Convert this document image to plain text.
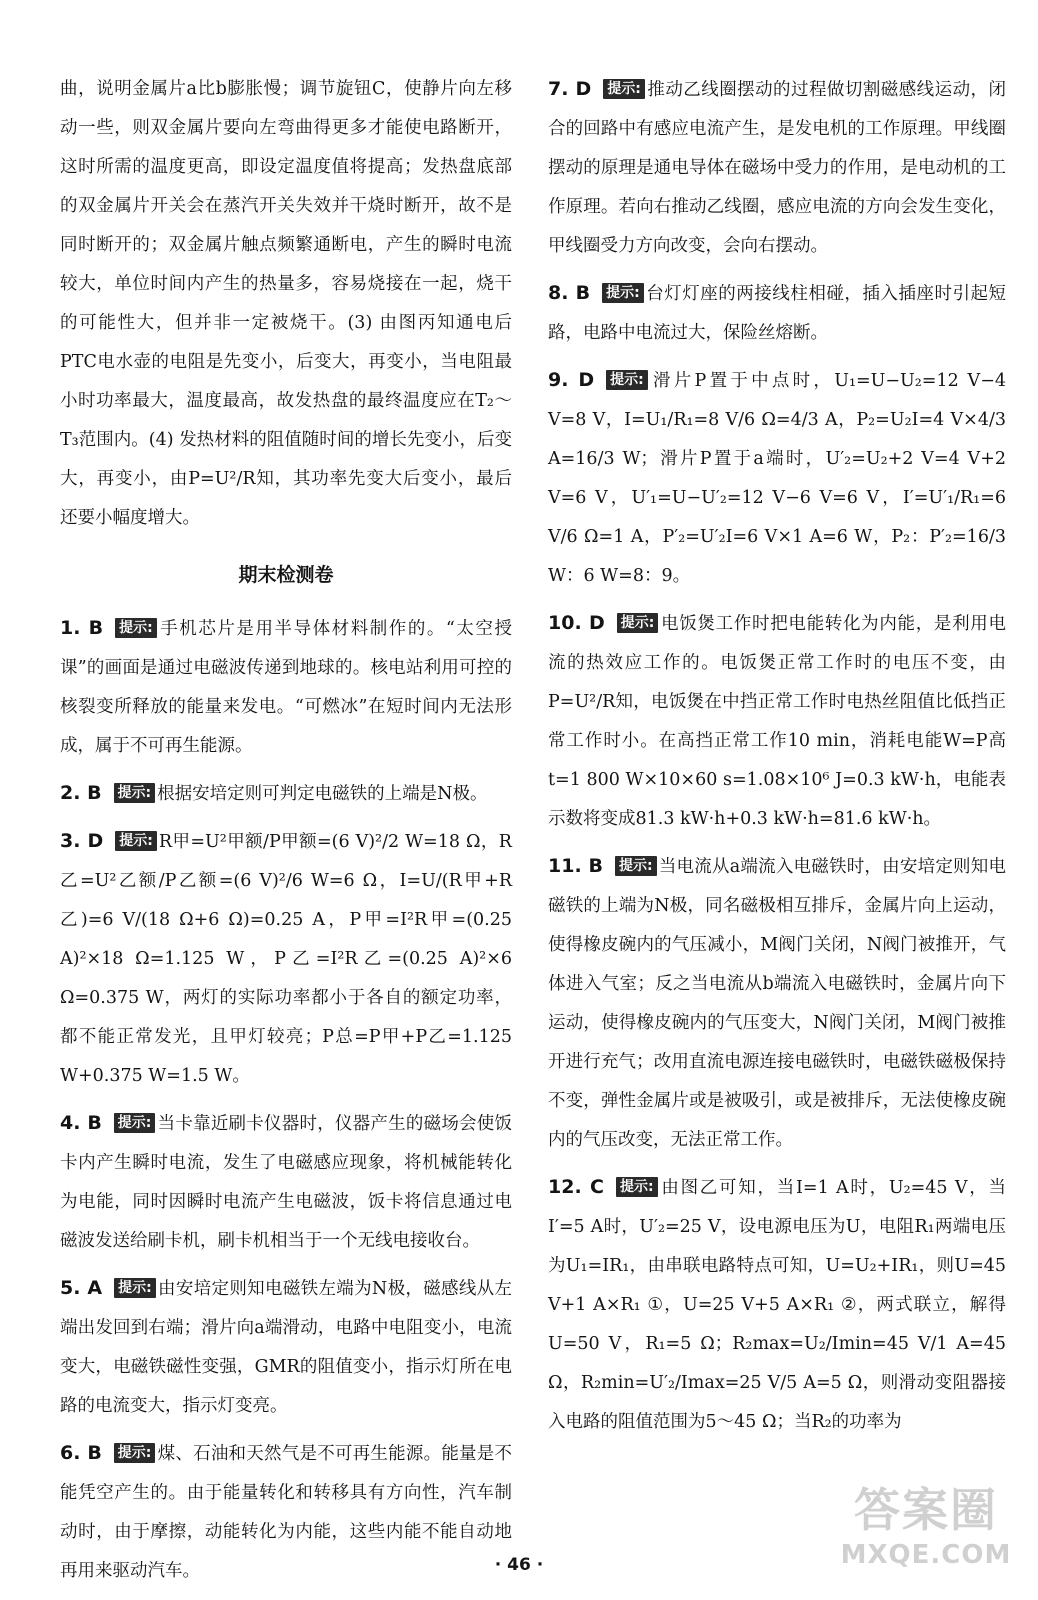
曲，说明金属片a比b膨胀慢；调节旋钮C，使静片向左移动一些，则双金属片要向左弯曲得更多才能使电路断开，这时所需的温度更高，即设定温度值将提高；发热盘底部的双金属片开关会在蒸汽开关失效并干烧时断开，故不是同时断开的；双金属片触点频繁通断电，产生的瞬时电流较大，单位时间内产生的热量多，容易烧接在一起，烧干的可能性大，但并非一定被烧干。(3) 由图丙知通电后PTC电水壶的电阻是先变小，后变大，再变小，当电阻最小时功率最大，温度最高，故发热盘的最终温度应在T₂～T₃范围内。(4) 发热材料的阻值随时间的增长先变小，后变大，再变小，由P=U²/R知，其功率先变大后变小，最后还要小幅度增大。

期末检测卷

1. B 提示: 手机芯片是用半导体材料制作的。“太空授课”的画面是通过电磁波传递到地球的。核电站利用可控的核裂变所释放的能量来发电。“可燃冰”在短时间内无法形成，属于不可再生能源。

2. B 提示: 根据安培定则可判定电磁铁的上端是N极。

3. D 提示: R甲=U²甲额/P甲额=(6 V)²/2 W=18 Ω，R乙=U²乙额/P乙额=(6 V)²/6 W=6 Ω，I=U/(R甲+R乙)=6 V/(18 Ω+6 Ω)=0.25 A，P甲=I²R甲=(0.25 A)²×18 Ω=1.125 W，P乙=I²R乙=(0.25 A)²×6 Ω=0.375 W，两灯的实际功率都小于各自的额定功率，都不能正常发光，且甲灯较亮；P总=P甲+P乙=1.125 W+0.375 W=1.5 W。

4. B 提示: 当卡靠近刷卡仪器时，仪器产生的磁场会使饭卡内产生瞬时电流，发生了电磁感应现象，将机械能转化为电能，同时因瞬时电流产生电磁波，饭卡将信息通过电磁波发送给刷卡机，刷卡机相当于一个无线电接收台。

5. A 提示: 由安培定则知电磁铁左端为N极，磁感线从左端出发回到右端；滑片向a端滑动，电路中电阻变小，电流变大，电磁铁磁性变强，GMR的阻值变小，指示灯所在电路的电流变大，指示灯变亮。

6. B 提示: 煤、石油和天然气是不可再生能源。能量是不能凭空产生的。由于能量转化和转移具有方向性，汽车制动时，由于摩擦，动能转化为内能，这些内能不能自动地再用来驱动汽车。

7. D 提示: 推动乙线圈摆动的过程做切割磁感线运动，闭合的回路中有感应电流产生，是发电机的工作原理。甲线圈摆动的原理是通电导体在磁场中受力的作用，是电动机的工作原理。若向右推动乙线圈，感应电流的方向会发生变化，甲线圈受力方向改变，会向右摆动。

8. B 提示: 台灯灯座的两接线柱相碰，插入插座时引起短路，电路中电流过大，保险丝熔断。

9. D 提示: 滑片P置于中点时，U₁=U−U₂=12 V−4 V=8 V，I=U₁/R₁=8 V/6 Ω=4/3 A，P₂=U₂I=4 V×4/3 A=16/3 W；滑片P置于a端时，U′₂=U₂+2 V=4 V+2 V=6 V，U′₁=U−U′₂=12 V−6 V=6 V，I′=U′₁/R₁=6 V/6 Ω=1 A，P′₂=U′₂I=6 V×1 A=6 W，P₂：P′₂=16/3 W：6 W=8：9。

10. D 提示: 电饭煲工作时把电能转化为内能，是利用电流的热效应工作的。电饭煲正常工作时的电压不变，由P=U²/R知，电饭煲在中挡正常工作时电热丝阻值比低挡正常工作时小。在高挡正常工作10 min，消耗电能W=P高t=1 800 W×10×60 s=1.08×10⁶ J=0.3 kW·h，电能表示数将变成81.3 kW·h+0.3 kW·h=81.6 kW·h。

11. B 提示: 当电流从a端流入电磁铁时，由安培定则知电磁铁的上端为N极，同名磁极相互排斥，金属片向上运动，使得橡皮碗内的气压减小，M阀门关闭，N阀门被推开，气体进入气室；反之当电流从b端流入电磁铁时，金属片向下运动，使得橡皮碗内的气压变大，N阀门关闭，M阀门被推开进行充气；改用直流电源连接电磁铁时，电磁铁磁极保持不变，弹性金属片或是被吸引，或是被排斥，无法使橡皮碗内的气压改变，无法正常工作。

12. C 提示: 由图乙可知，当I=1 A时，U₂=45 V，当I′=5 A时，U′₂=25 V，设电源电压为U，电阻R₁两端电压为U₁=IR₁，由串联电路特点可知，U=U₂+IR₁，则U=45 V+1 A×R₁ ①，U=25 V+5 A×R₁ ②，两式联立，解得U=50 V，R₁=5 Ω；R₂max=U₂/Imin=45 V/1 A=45 Ω，R₂min=U′₂/Imax=25 V/5 A=5 Ω，则滑动变阻器接入电路的阻值范围为5～45 Ω；当R₂的功率为

· 46 ·
答案圈
MXQE.COM
